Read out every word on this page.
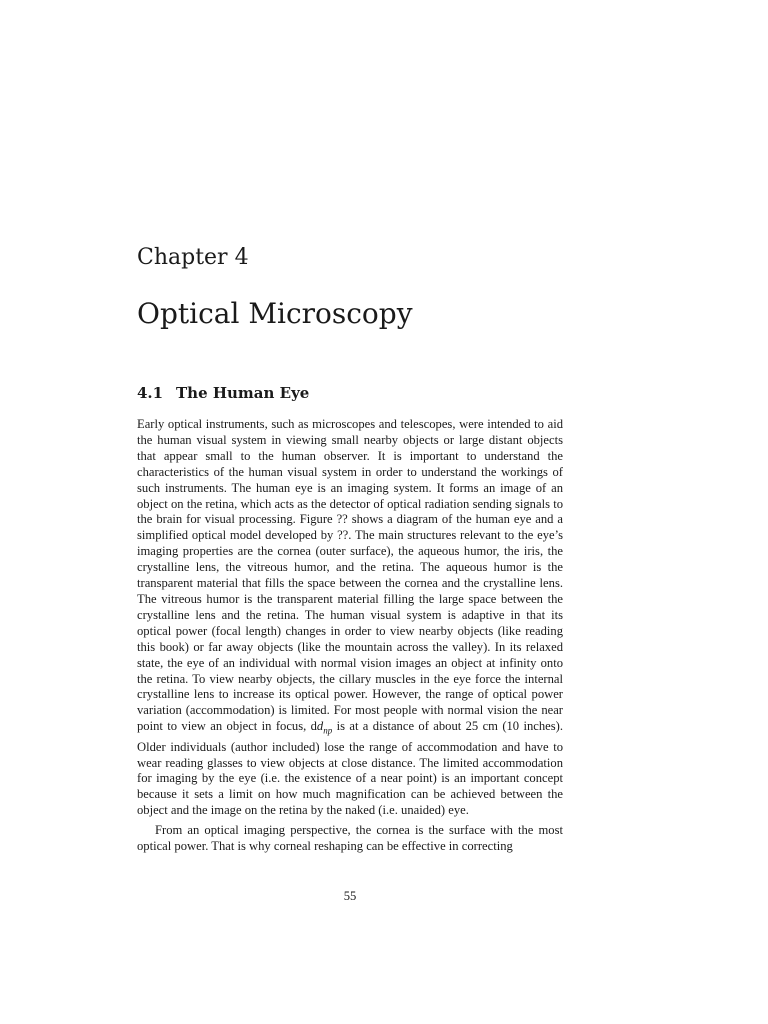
Chapter 4
Optical Microscopy
4.1 The Human Eye

Early optical instruments, such as microscopes and telescopes, were intended to aid the human visual system in viewing small nearby objects or large distant objects that appear small to the human observer. It is important to understand the characteristics of the human visual system in order to understand the workings of such instruments. The human eye is an imaging system. It forms an image of an object on the retina, which acts as the detector of optical radiation sending signals to the brain for visual processing. Figure ?? shows a diagram of the human eye and a simplified optical model developed by ??. The main structures relevant to the eye’s imaging properties are the cornea (outer surface), the aqueous humor, the iris, the crystalline lens, the vitreous humor, and the retina. The aqueous humor is the transparent material that fills the space between the cornea and the crystalline lens. The vitreous humor is the transparent material filling the large space between the crystalline lens and the retina. The human visual system is adaptive in that its optical power (focal length) changes in order to view nearby objects (like reading this book) or far away objects (like the mountain across the valley). In its relaxed state, the eye of an individual with normal vision images an object at infinity onto the retina. To view nearby objects, the cillary muscles in the eye force the internal crystalline lens to increase its optical power. However, the range of optical power variation (accommodation) is limited. For most people with normal vision the near point to view an object in focus, $dd_{np}$ is at a distance of about 25 cm (10 inches). Older individuals (author included) lose the range of accommodation and have to wear reading glasses to view objects at close distance. The limited accommodation for imaging by the eye (i.e. the existence of a near point) is an important concept because it sets a limit on how much magnification can be achieved between the object and the image on the retina by the naked (i.e. unaided) eye.

From an optical imaging perspective, the cornea is the surface with the most optical power. That is why corneal reshaping can be effective in correcting

55
